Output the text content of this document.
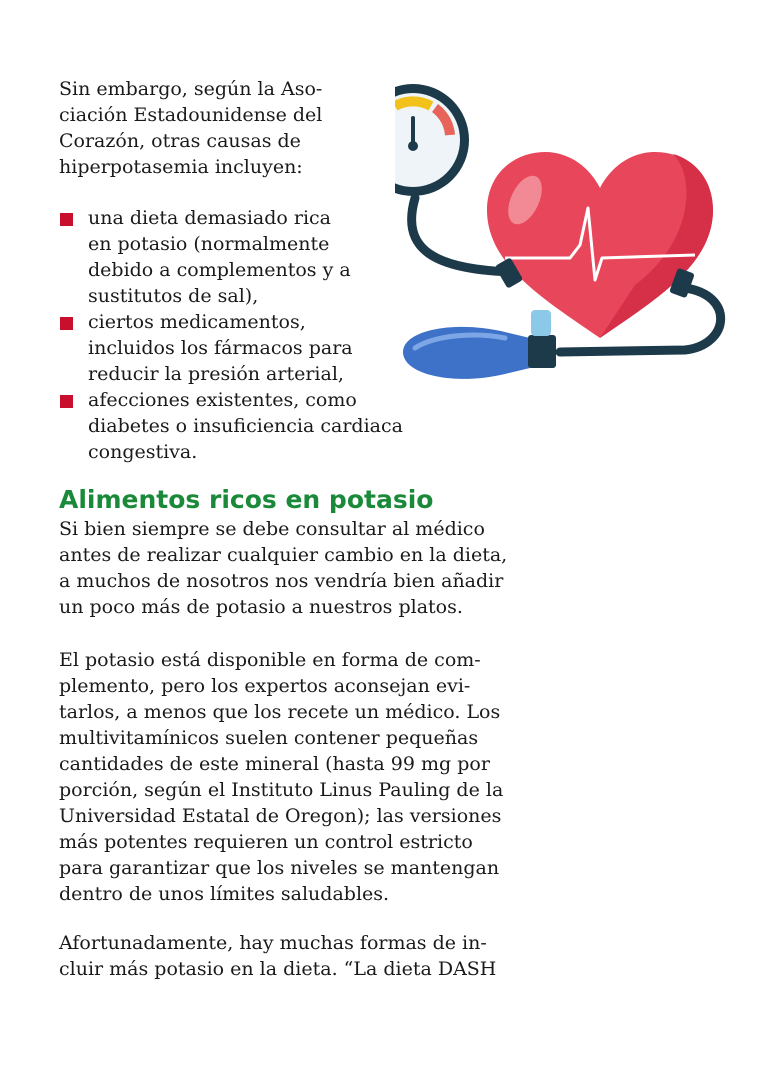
Sin embargo, según la Aso-
ciación Estadounidense del
Corazón, otras causas de
hiperpotasemia incluyen:

una dieta demasiado rica
en potasio (normalmente
debido a complementos y a
sustitutos de sal),
ciertos medicamentos,
incluidos los fármacos para
reducir la presión arterial,
afecciones existentes, como
diabetes o insuficiencia cardiaca
congestiva.
Alimentos ricos en potasio

Si bien siempre se debe consultar al médico
antes de realizar cualquier cambio en la dieta,
a muchos de nosotros nos vendría bien añadir
un poco más de potasio a nuestros platos.

El potasio está disponible en forma de com-
plemento, pero los expertos aconsejan evi-
tarlos, a menos que los recete un médico. Los
multivitamínicos suelen contener pequeñas
cantidades de este mineral (hasta 99 mg por
porción, según el Instituto Linus Pauling de la
Universidad Estatal de Oregon); las versiones
más potentes requieren un control estricto
para garantizar que los niveles se mantengan
dentro de unos límites saludables.

Afortunadamente, hay muchas formas de in-
cluir más potasio en la dieta. “La dieta DASH
